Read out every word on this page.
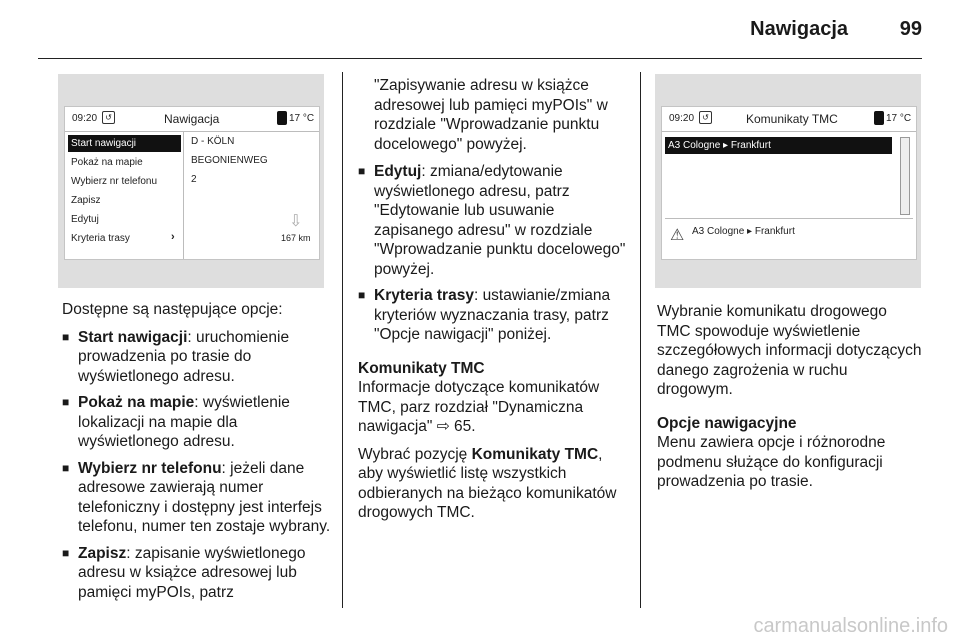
Nawigacja	99
09:20	↺	Nawigacja	17 °C
Start nawigacji
Pokaż na mapie
Wybierz nr telefonu
Zapisz
Edytuj
Kryteria trasy	›
D - KÖLN
BEGONIENWEG
2
⇩
167 km
09:20	↺	Komunikaty TMC	17 °C
A3 Cologne ▸ Frankfurt
⚠ A3 Cologne ▸ Frankfurt

Dostępne są następujące opcje:

■ Start nawigacji: uruchomienie prowadzenia po trasie do wyświetlonego adresu.
■ Pokaż na mapie: wyświetlenie lokalizacji na mapie dla wyświetlonego adresu.
■ Wybierz nr telefonu: jeżeli dane adresowe zawierają numer telefoniczny i dostępny jest interfejs telefonu, numer ten zostaje wybrany.
■ Zapisz: zapisanie wyświetlonego adresu w książce adresowej lub pamięci myPOIs, patrz

"Zapisywanie adresu w książce adresowej lub pamięci myPOIs" w rozdziale "Wprowadzanie punktu docelowego" powyżej.

■ Edytuj: zmiana/edytowanie wyświetlonego adresu, patrz "Edytowanie lub usuwanie zapisanego adresu" w rozdziale "Wprowadzanie punktu docelowego" powyżej.
■ Kryteria trasy: ustawianie/zmiana kryteriów wyznaczania trasy, patrz "Opcje nawigacji" poniżej.

Komunikaty TMC

Informacje dotyczące komunikatów TMC, parz rozdział "Dynamiczna nawigacja" ⇨ 65.

Wybrać pozycję Komunikaty TMC, aby wyświetlić listę wszystkich odbieranych na bieżąco komunikatów drogowych TMC.

Wybranie komunikatu drogowego TMC spowoduje wyświetlenie szczegółowych informacji dotyczących danego zagrożenia w ruchu drogowym.

Opcje nawigacyjne

Menu zawiera opcje i różnorodne podmenu służące do konfiguracji prowadzenia po trasie.

carmanualsonline.info
